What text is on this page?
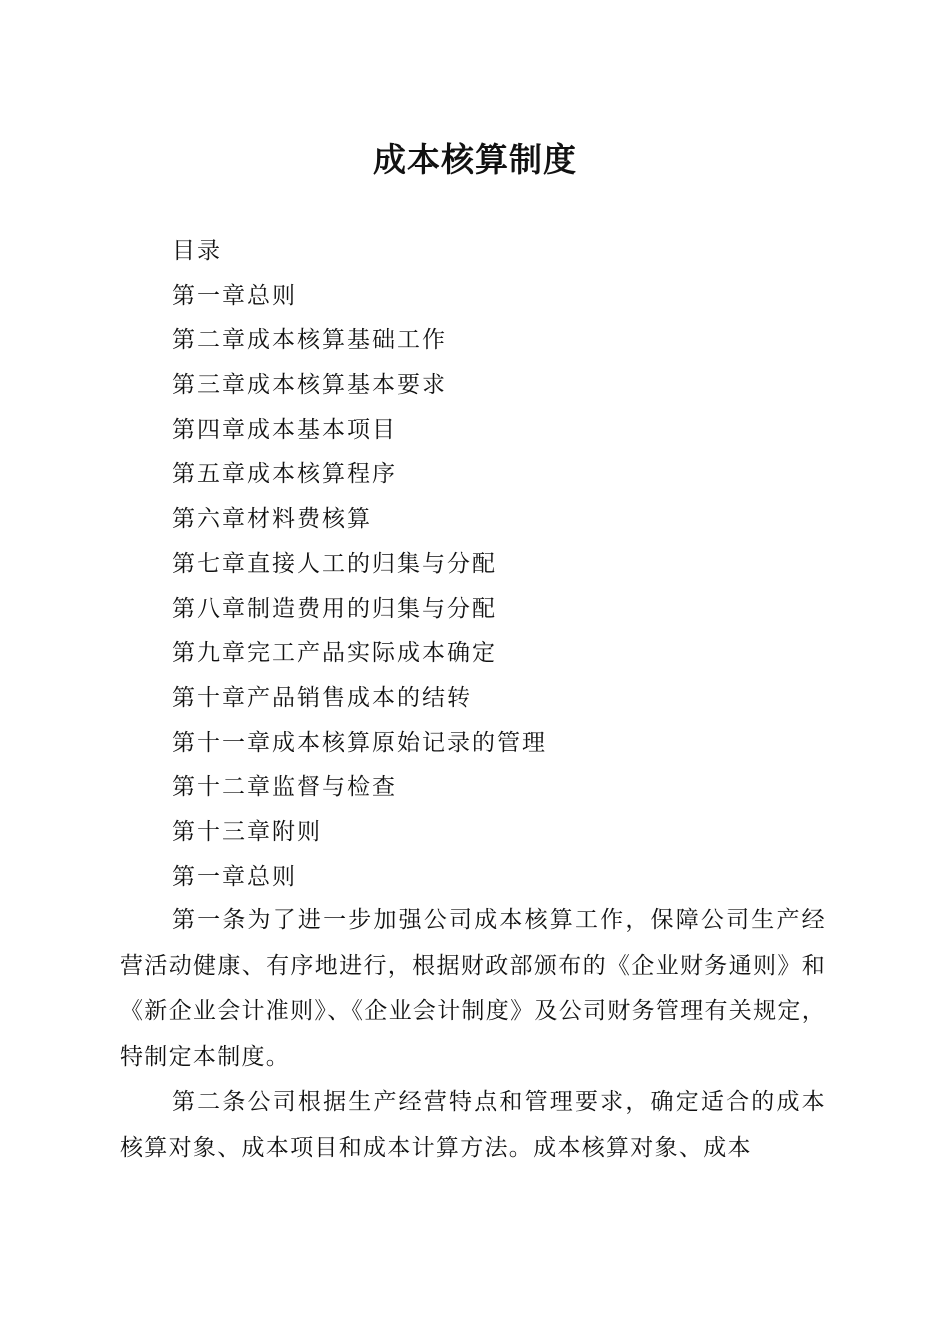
成本核算制度
目录
第一章总则
第二章成本核算基础工作
第三章成本核算基本要求
第四章成本基本项目
第五章成本核算程序
第六章材料费核算
第七章直接人工的归集与分配
第八章制造费用的归集与分配
第九章完工产品实际成本确定
第十章产品销售成本的结转
第十一章成本核算原始记录的管理
第十二章监督与检查
第十三章附则
第一章总则

第一条为了进一步加强公司成本核算工作，保障公司生产经营活动健康、有序地进行，根据财政部颁布的《企业财务通则》和《新企业会计准则》、《企业会计制度》及公司财务管理有关规定，特制定本制度。

第二条公司根据生产经营特点和管理要求，确定适合的成本核算对象、成本项目和成本计算方法。成本核算对象、成本
